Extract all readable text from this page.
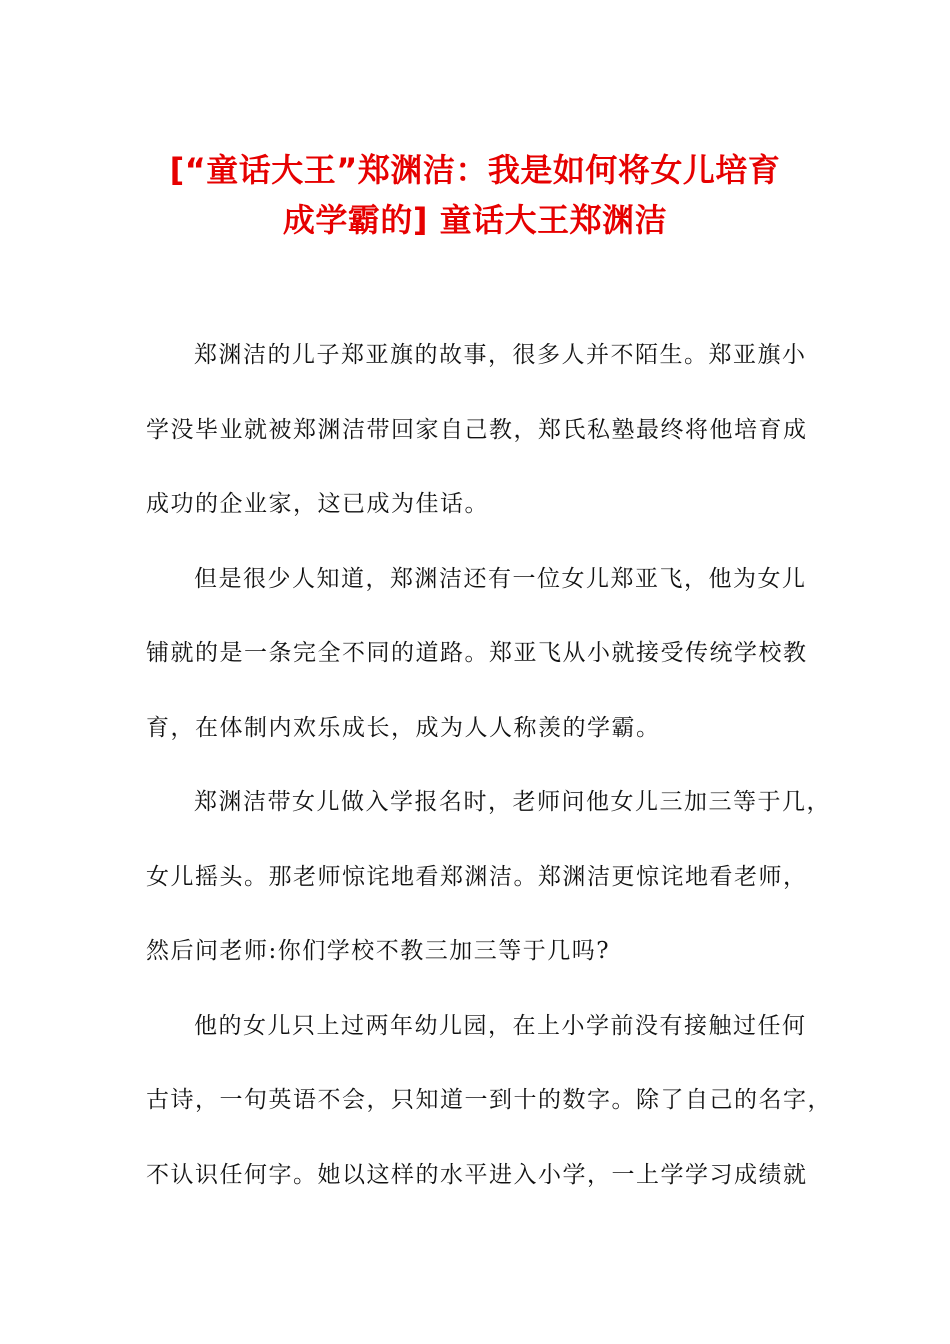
[“童话大王”郑渊洁：我是如何将女儿培育
成学霸的] 童话大王郑渊洁
郑渊洁的儿子郑亚旗的故事，很多人并不陌生。郑亚旗小
学没毕业就被郑渊洁带回家自己教，郑氏私塾最终将他培育成
成功的企业家，这已成为佳话。
但是很少人知道，郑渊洁还有一位女儿郑亚飞，他为女儿
铺就的是一条完全不同的道路。郑亚飞从小就接受传统学校教
育，在体制内欢乐成长，成为人人称羡的学霸。
郑渊洁带女儿做入学报名时，老师问他女儿三加三等于几，
女儿摇头。那老师惊诧地看郑渊洁。郑渊洁更惊诧地看老师，
然后问老师:你们学校不教三加三等于几吗?
他的女儿只上过两年幼儿园，在上小学前没有接触过任何
古诗，一句英语不会，只知道一到十的数字。除了自己的名字，
不认识任何字。她以这样的水平进入小学，一上学学习成绩就
